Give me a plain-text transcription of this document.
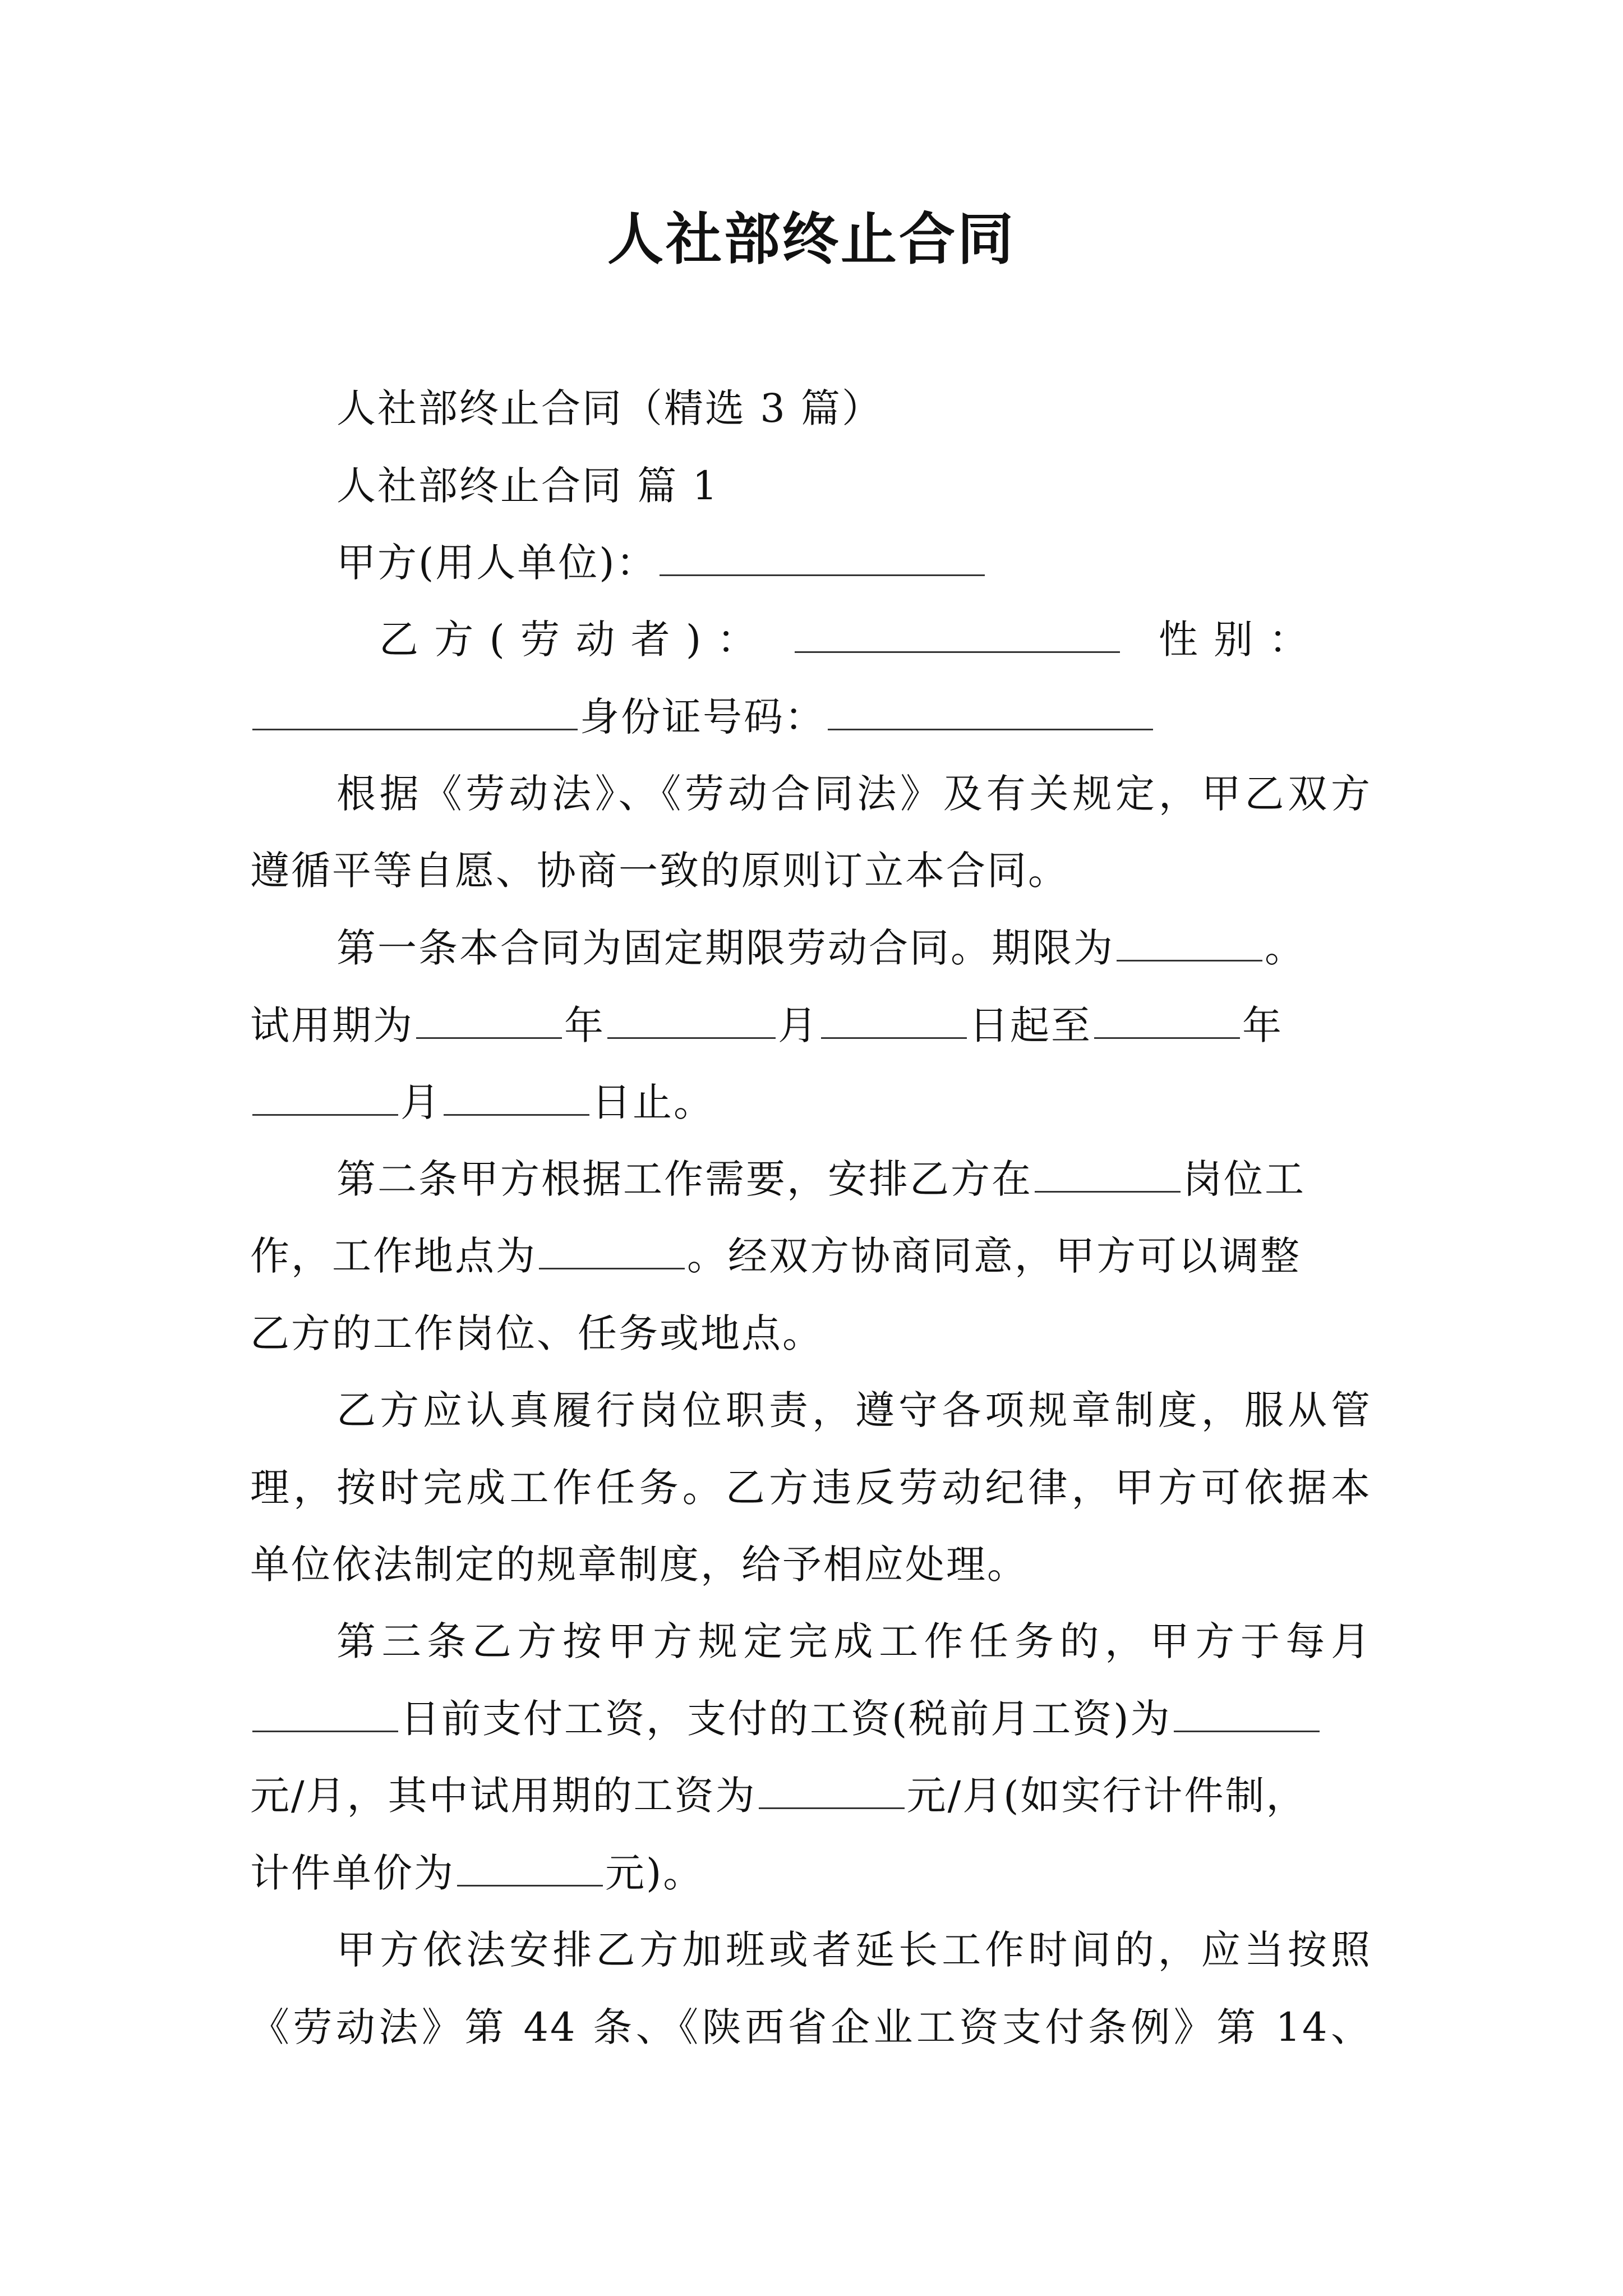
人社部终止合同
人社部终止合同（精选 3 篇）
人社部终止合同 篇 1
甲方(用人单位)：
乙 方 ( 劳 动 者 ) ：	性 别 ：
身份证号码：
根据《劳动法》、《劳动合同法》及有关规定，甲乙双方
遵循平等自愿、协商一致的原则订立本合同。
第一条本合同为固定期限劳动合同。期限为	。
试用期为	年	月	日起至	年
月	日止。
第二条甲方根据工作需要，安排乙方在	岗位工
作，工作地点为	。经双方协商同意，甲方可以调整
乙方的工作岗位、任务或地点。
乙方应认真履行岗位职责，遵守各项规章制度，服从管
理，按时完成工作任务。乙方违反劳动纪律，甲方可依据本
单位依法制定的规章制度，给予相应处理。
第三条乙方按甲方规定完成工作任务的，甲方于每月
日前支付工资，支付的工资(税前月工资)为
元/月，其中试用期的工资为	元/月(如实行计件制，
计件单价为	元)。
甲方依法安排乙方加班或者延长工作时间的，应当按照
《劳动法》第 44 条、《陕西省企业工资支付条例》第 14、
